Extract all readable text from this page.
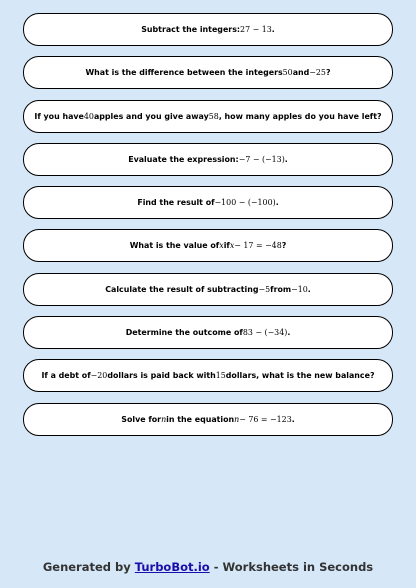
Subtract the integers: 27 − 13 .
What is the difference between the integers 50 and −25 ?
If you have 40 apples and you give away 58 , how many apples do you have left?
Evaluate the expression: −7 − (−13) .
Find the result of −100 − (−100) .
What is the value of x if x − 17 = −48 ?
Calculate the result of subtracting −5 from −10 .
Determine the outcome of 83 − (−34) .
If a debt of −20 dollars is paid back with 15 dollars, what is the new balance?
Solve for n in the equation n − 76 = −123 .
Generated by TurboBot.io - Worksheets in Seconds
